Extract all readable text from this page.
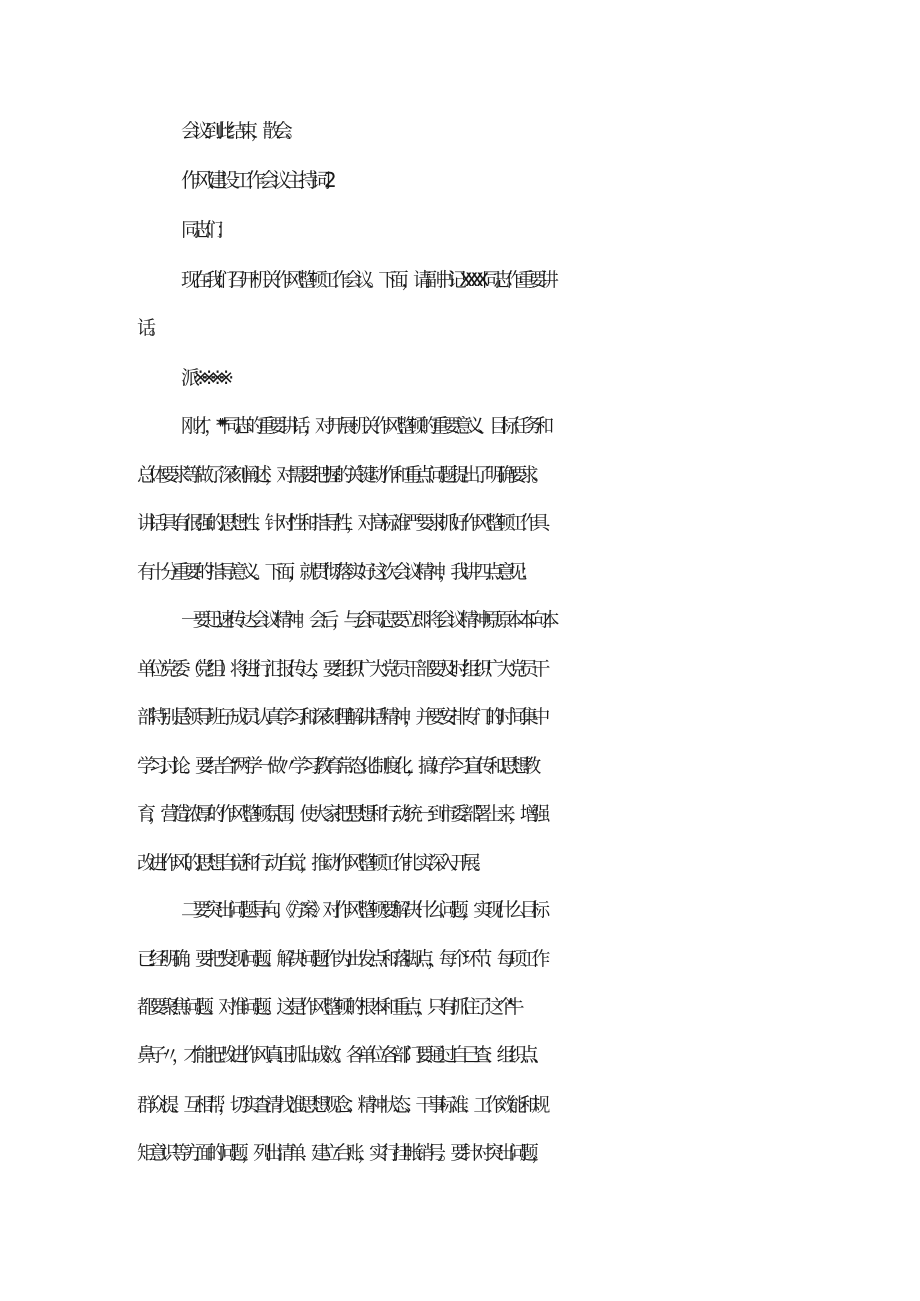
会议到此结束，散会。
作风建设工作会议主持词2
同志们：
现在我们召开机关作风整顿工作会议。下面，请副书记XXXX同志作重要讲
话。
派※※※※
刚才，***同志的重要讲话，对开展机关作风整顿的重要意义、目标任务和
总体要求等做了深刻阐述，对需要把握的关键动作和重点问题提出了明确要求。
讲话具有很强的思想性、针对性和指导性，对高标准严要求抓好作风整顿工作具
有十分重要的指导意义。下面，就贯彻落实好这次会议精神，我讲四点意见：
一要迅速传达会议精神。会后，与会同志要立即将会议精神原原本本向本
单位党委（党组）将进行汇报传达，要组织广大党员干部要及时组织广大党员干
部特别是领导班子成员认真学习和深刻理解讲话精神，并要安排专门的时间集中
学习讨论。要结合“两学一做〃学习教育常态化制度化，搞好学习宣传和思想教
育，营造浓厚的作风整顿氛围，使大家把思想和行动统一到市委部署上来，增强
改进作风的思想自觉和行动自觉，推动作风整顿工作扎实深入开展。
二要突出问题导向。《方案》对作风整顿要解决什么问题，实现什么目标
已经明确。要把发现问题、解决问题作为出发点和落脚点，每个环节、每项工作
都要聚焦问题、对准问题。这是作风整顿的根本和重点，只有抓住了这个‘‘牛
鼻子〃，才能把改进作风真正抓出成效。各单位各部门要通过自己查、组织点、
群众提、互相帮，切实查清找准思想观念、精神状态、干事标准、工作效能和规
矩意识等方面的问题，列出清单、建立台账，实行挂帐销号。要针对突出问题，
